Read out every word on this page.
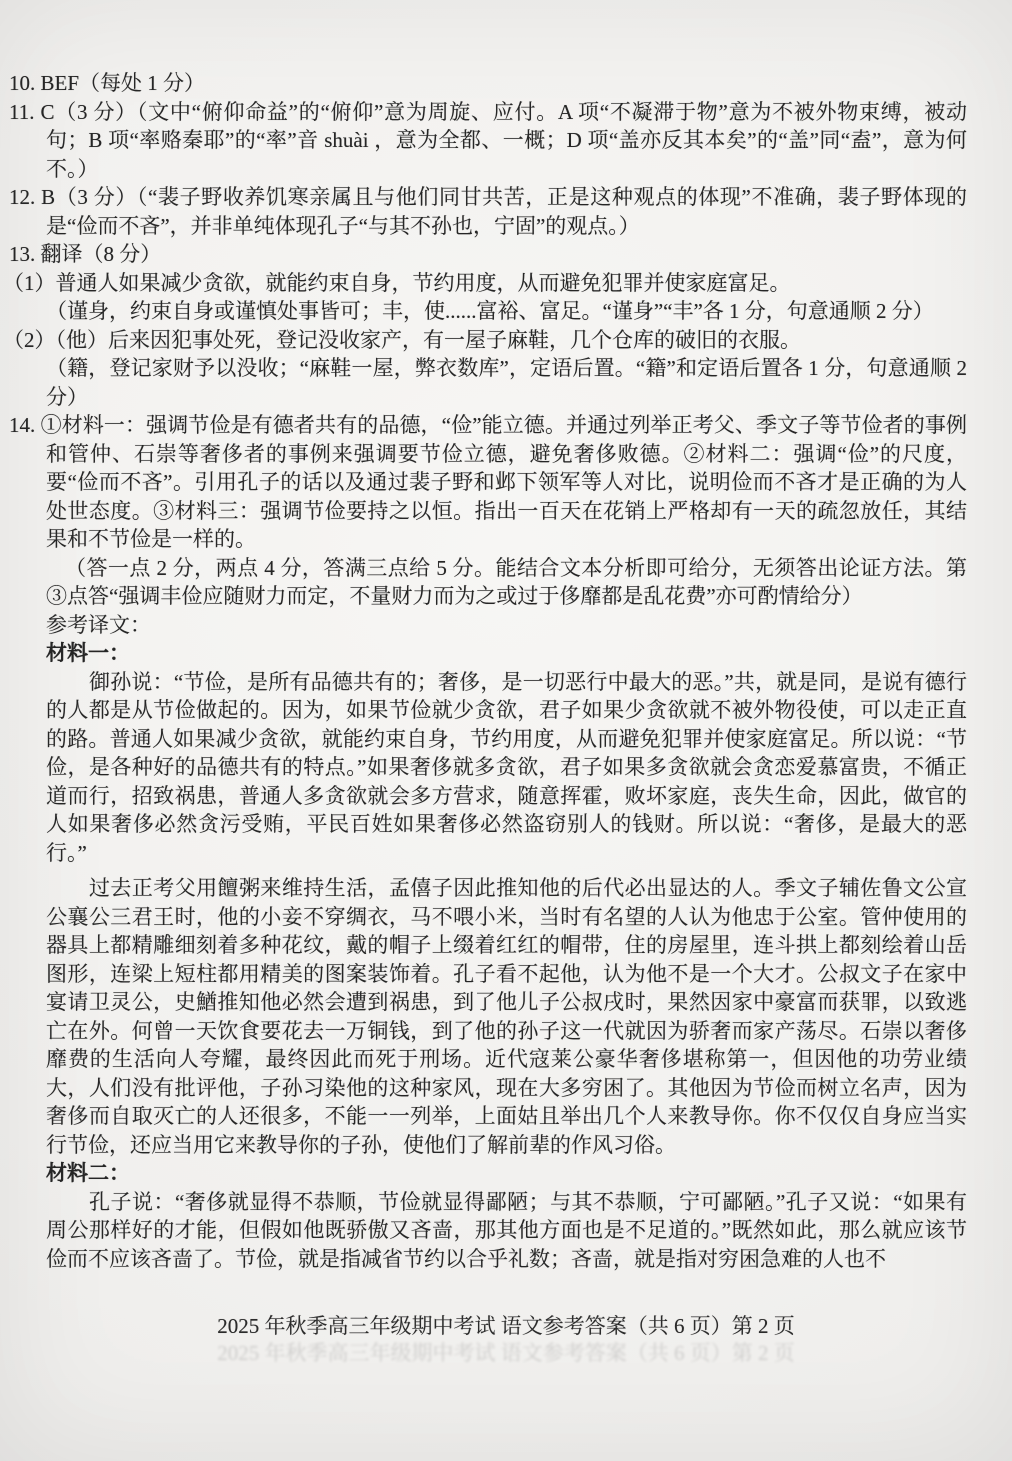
10. BEF（每处 1 分）

11. C（3 分）（文中“俯仰命益”的“俯仰”意为周旋、应付。A 项“不凝滞于物”意为不被外物束缚，被动句；B 项“率赂秦耶”的“率”音 shuài ，意为全都、一概；D 项“盖亦反其本矣”的“盖”同“盍”，意为何不。）

12. B（3 分）（“裴子野收养饥寒亲属且与他们同甘共苦，正是这种观点的体现”不准确，裴子野体现的是“俭而不吝”，并非单纯体现孔子“与其不孙也，宁固”的观点。）

13. 翻译（8 分）

（1）普通人如果减少贪欲，就能约束自身，节约用度，从而避免犯罪并使家庭富足。

（谨身，约束自身或谨慎处事皆可；丰，使......富裕、富足。“谨身”“丰”各 1 分，句意通顺 2 分）

（2）（他）后来因犯事处死，登记没收家产，有一屋子麻鞋，几个仓库的破旧的衣服。

（籍，登记家财予以没收；“麻鞋一屋，弊衣数库”，定语后置。“籍”和定语后置各 1 分，句意通顺 2 分）

14. ①材料一：强调节俭是有德者共有的品德，“俭”能立德。并通过列举正考父、季文子等节俭者的事例和管仲、石崇等奢侈者的事例来强调要节俭立德，避免奢侈败德。②材料二：强调“俭”的尺度，要“俭而不吝”。引用孔子的话以及通过裴子野和邺下领军等人对比，说明俭而不吝才是正确的为人处世态度。③材料三：强调节俭要持之以恒。指出一百天在花销上严格却有一天的疏忽放任，其结果和不节俭是一样的。

（答一点 2 分，两点 4 分，答满三点给 5 分。能结合文本分析即可给分，无须答出论证方法。第③点答“强调丰俭应随财力而定，不量财力而为之或过于侈靡都是乱花费”亦可酌情给分）

参考译文：

材料一：

御孙说：“节俭，是所有品德共有的；奢侈，是一切恶行中最大的恶。”共，就是同，是说有德行的人都是从节俭做起的。因为，如果节俭就少贪欲，君子如果少贪欲就不被外物役使，可以走正直的路。普通人如果减少贪欲，就能约束自身，节约用度，从而避免犯罪并使家庭富足。所以说：“节俭，是各种好的品德共有的特点。”如果奢侈就多贪欲，君子如果多贪欲就会贪恋爱慕富贵，不循正道而行，招致祸患，普通人多贪欲就会多方营求，随意挥霍，败坏家庭，丧失生命，因此，做官的人如果奢侈必然贪污受贿，平民百姓如果奢侈必然盗窃别人的钱财。所以说：“奢侈，是最大的恶行。”

过去正考父用饘粥来维持生活，孟僖子因此推知他的后代必出显达的人。季文子辅佐鲁文公宣公襄公三君王时，他的小妾不穿绸衣，马不喂小米，当时有名望的人认为他忠于公室。管仲使用的器具上都精雕细刻着多种花纹，戴的帽子上缀着红红的帽带，住的房屋里，连斗拱上都刻绘着山岳图形，连梁上短柱都用精美的图案装饰着。孔子看不起他，认为他不是一个大才。公叔文子在家中宴请卫灵公，史鰌推知他必然会遭到祸患，到了他儿子公叔戌时，果然因家中豪富而获罪，以致逃亡在外。何曾一天饮食要花去一万铜钱，到了他的孙子这一代就因为骄奢而家产荡尽。石崇以奢侈靡费的生活向人夸耀，最终因此而死于刑场。近代寇莱公豪华奢侈堪称第一，但因他的功劳业绩大，人们没有批评他，子孙习染他的这种家风，现在大多穷困了。其他因为节俭而树立名声，因为奢侈而自取灭亡的人还很多，不能一一列举，上面姑且举出几个人来教导你。你不仅仅自身应当实行节俭，还应当用它来教导你的子孙，使他们了解前辈的作风习俗。

材料二：

孔子说：“奢侈就显得不恭顺，节俭就显得鄙陋；与其不恭顺，宁可鄙陋。”孔子又说：“如果有周公那样好的才能，但假如他既骄傲又吝啬，那其他方面也是不足道的。”既然如此，那么就应该节俭而不应该吝啬了。节俭，就是指减省节约以合乎礼数；吝啬，就是指对穷困急难的人也不

2025 年秋季高三年级期中考试 语文参考答案（共 6 页）第 2 页
2025 年秋季高三年级期中考试 语文参考答案（共 6 页）第 2 页
